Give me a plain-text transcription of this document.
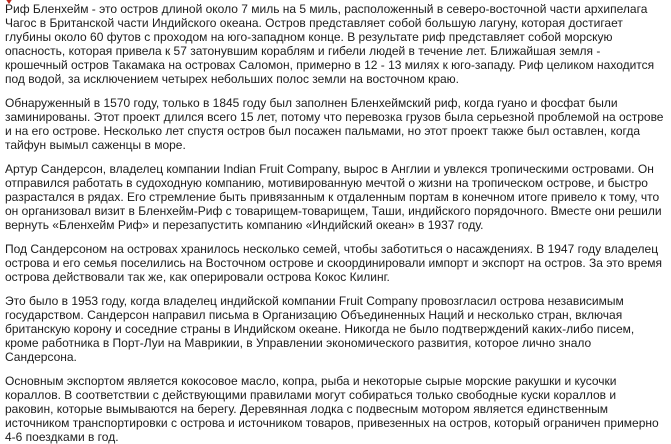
Риф Бленхейм - это остров длиной около 7 миль на 5 миль, расположенный в северо-восточной части архипелага Чагос в Британской части Индийского океана. Остров представляет собой большую лагуну, которая достигает глубины около 60 футов с проходом на юго-западном конце. В результате риф представляет собой морскую опасность, которая привела к 57 затонувшим кораблям и гибели людей в течение лет. Ближайшая земля - крошечный остров Такамака на островах Саломон, примерно в 12 - 13 милях к юго-западу. Риф целиком находится под водой, за исключением четырех небольших полос земли на восточном краю.

Обнаруженный в 1570 году, только в 1845 году был заполнен Бленхеймский риф, когда гуано и фосфат были заминированы. Этот проект длился всего 15 лет, потому что перевозка грузов была серьезной проблемой на острове и на его острове. Несколько лет спустя остров был посажен пальмами, но этот проект также был оставлен, когда тайфун вымыл саженцы в море.

Артур Сандерсон, владелец компании Indian Fruit Company, вырос в Англии и увлекся тропическими островами. Он отправился работать в судоходную компанию, мотивированную мечтой о жизни на тропическом острове, и быстро разрастался в рядах. Его стремление быть привязанным к отдаленным портам в конечном итоге привело к тому, что он организовал визит в Бленхейм-Риф с товарищем-товарищем, Таши, индийского порядочного. Вместе они решили вернуть «Бленхейм Риф» и перезапустить компанию «Индийский океан» в 1937 году.

Под Сандерсоном на островах хранилось несколько семей, чтобы заботиться о насаждениях. В 1947 году владелец острова и его семья поселились на Восточном острове и скоординировали импорт и экспорт на остров. За это время острова действовали так же, как оперировали острова Кокос Килинг.

Это было в 1953 году, когда владелец индийской компании Fruit Company провозгласил острова независимым государством. Сандерсон направил письма в Организацию Объединенных Наций и несколько стран, включая британскую корону и соседние страны в Индийском океане. Никогда не было подтверждений каких-либо писем, кроме работника в Порт-Луи на Маврикии, в Управлении экономического развития, которое лично знало Сандерсона.

Основным экспортом является кокосовое масло, копра, рыба и некоторые сырые морские ракушки и кусочки кораллов. В соответствии с действующими правилами могут собираться только свободные куски кораллов и раковин, которые вымываются на берегу. Деревянная лодка с подвесным мотором является единственным источником транспортировки с острова и источником товаров, привезенных на остров, который ограничен примерно 4-6 поездками в год.
